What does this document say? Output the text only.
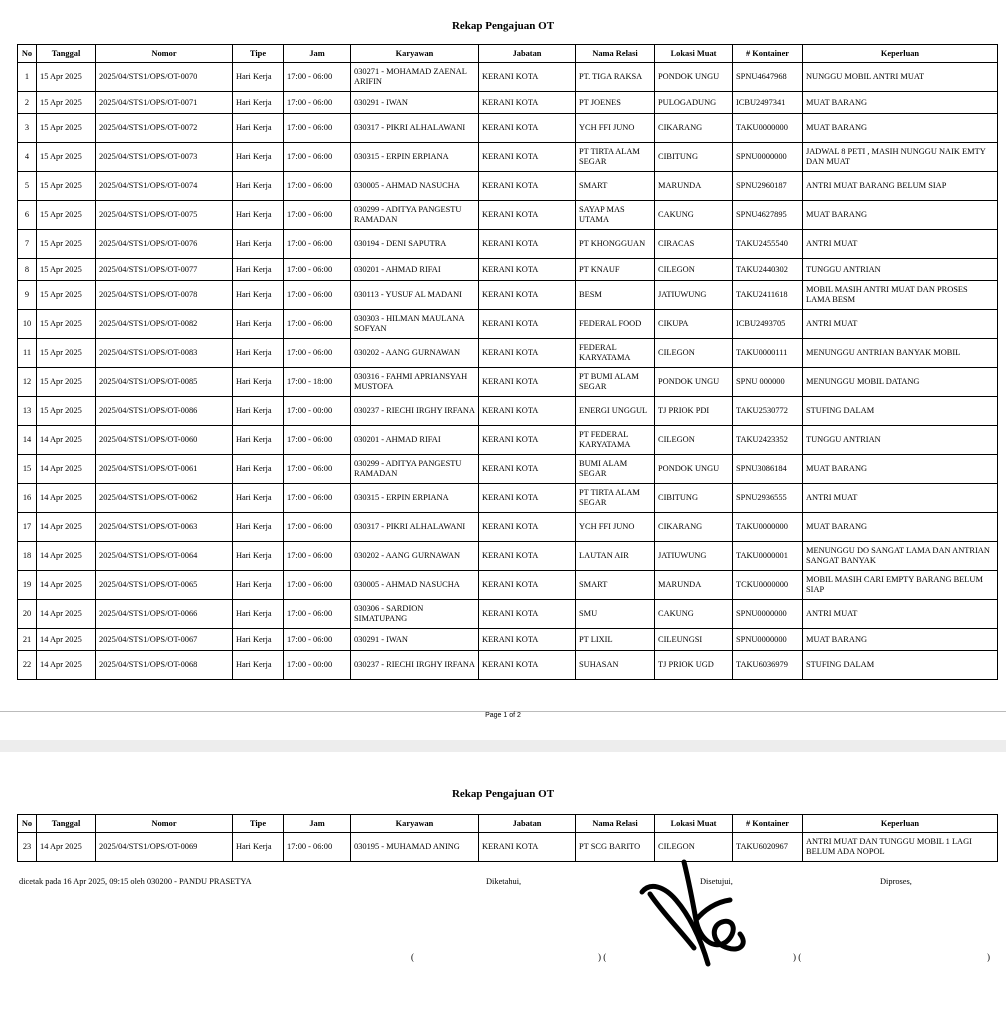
Rekap Pengajuan OT
No	Tanggal	Nomor	Tipe	Jam	Karyawan	Jabatan	Nama Relasi	Lokasi Muat	# Kontainer	Keperluan
1	15 Apr 2025	2025/04/STS1/OPS/OT-0070	Hari Kerja	17:00 - 06:00	030271 - MOHAMAD ZAENAL ARIFIN	KERANI KOTA	PT. TIGA RAKSA	PONDOK UNGU	SPNU4647968	NUNGGU MOBIL ANTRI MUAT
2	15 Apr 2025	2025/04/STS1/OPS/OT-0071	Hari Kerja	17:00 - 06:00	030291 - IWAN	KERANI KOTA	PT JOENES	PULOGADUNG	ICBU2497341	MUAT BARANG
3	15 Apr 2025	2025/04/STS1/OPS/OT-0072	Hari Kerja	17:00 - 06:00	030317 - PIKRI ALHALAWANI	KERANI KOTA	YCH FFI JUNO	CIKARANG	TAKU0000000	MUAT BARANG
4	15 Apr 2025	2025/04/STS1/OPS/OT-0073	Hari Kerja	17:00 - 06:00	030315 - ERPIN ERPIANA	KERANI KOTA	PT TIRTA ALAM SEGAR	CIBITUNG	SPNU0000000	JADWAL 8 PETI , MASIH NUNGGU NAIK EMTY DAN MUAT
5	15 Apr 2025	2025/04/STS1/OPS/OT-0074	Hari Kerja	17:00 - 06:00	030005 - AHMAD NASUCHA	KERANI KOTA	SMART	MARUNDA	SPNU2960187	ANTRI MUAT BARANG BELUM SIAP
6	15 Apr 2025	2025/04/STS1/OPS/OT-0075	Hari Kerja	17:00 - 06:00	030299 - ADITYA PANGESTU RAMADAN	KERANI KOTA	SAYAP MAS UTAMA	CAKUNG	SPNU4627895	MUAT BARANG
7	15 Apr 2025	2025/04/STS1/OPS/OT-0076	Hari Kerja	17:00 - 06:00	030194 - DENI SAPUTRA	KERANI KOTA	PT KHONGGUAN	CIRACAS	TAKU2455540	ANTRI MUAT
8	15 Apr 2025	2025/04/STS1/OPS/OT-0077	Hari Kerja	17:00 - 06:00	030201 - AHMAD RIFAI	KERANI KOTA	PT KNAUF	CILEGON	TAKU2440302	TUNGGU ANTRIAN
9	15 Apr 2025	2025/04/STS1/OPS/OT-0078	Hari Kerja	17:00 - 06:00	030113 - YUSUF AL MADANI	KERANI KOTA	BESM	JATIUWUNG	TAKU2411618	MOBIL MASIH ANTRI MUAT DAN PROSES LAMA BESM
10	15 Apr 2025	2025/04/STS1/OPS/OT-0082	Hari Kerja	17:00 - 06:00	030303 - HILMAN MAULANA SOFYAN	KERANI KOTA	FEDERAL FOOD	CIKUPA	ICBU2493705	ANTRI MUAT
11	15 Apr 2025	2025/04/STS1/OPS/OT-0083	Hari Kerja	17:00 - 06:00	030202 - AANG GURNAWAN	KERANI KOTA	FEDERAL KARYATAMA	CILEGON	TAKU0000111	MENUNGGU ANTRIAN BANYAK MOBIL
12	15 Apr 2025	2025/04/STS1/OPS/OT-0085	Hari Kerja	17:00 - 18:00	030316 - FAHMI APRIANSYAH MUSTOFA	KERANI KOTA	PT BUMI ALAM SEGAR	PONDOK UNGU	SPNU 000000	MENUNGGU MOBIL DATANG
13	15 Apr 2025	2025/04/STS1/OPS/OT-0086	Hari Kerja	17:00 - 00:00	030237 - RIECHI IRGHY IRFANA	KERANI KOTA	ENERGI UNGGUL	TJ PRIOK PDI	TAKU2530772	STUFING DALAM
14	14 Apr 2025	2025/04/STS1/OPS/OT-0060	Hari Kerja	17:00 - 06:00	030201 - AHMAD RIFAI	KERANI KOTA	PT FEDERAL KARYATAMA	CILEGON	TAKU2423352	TUNGGU ANTRIAN
15	14 Apr 2025	2025/04/STS1/OPS/OT-0061	Hari Kerja	17:00 - 06:00	030299 - ADITYA PANGESTU RAMADAN	KERANI KOTA	BUMI ALAM SEGAR	PONDOK UNGU	SPNU3086184	MUAT BARANG
16	14 Apr 2025	2025/04/STS1/OPS/OT-0062	Hari Kerja	17:00 - 06:00	030315 - ERPIN ERPIANA	KERANI KOTA	PT TIRTA ALAM SEGAR	CIBITUNG	SPNU2936555	ANTRI MUAT
17	14 Apr 2025	2025/04/STS1/OPS/OT-0063	Hari Kerja	17:00 - 06:00	030317 - PIKRI ALHALAWANI	KERANI KOTA	YCH FFI JUNO	CIKARANG	TAKU0000000	MUAT BARANG
18	14 Apr 2025	2025/04/STS1/OPS/OT-0064	Hari Kerja	17:00 - 06:00	030202 - AANG GURNAWAN	KERANI KOTA	LAUTAN AIR	JATIUWUNG	TAKU0000001	MENUNGGU DO SANGAT LAMA DAN ANTRIAN SANGAT BANYAK
19	14 Apr 2025	2025/04/STS1/OPS/OT-0065	Hari Kerja	17:00 - 06:00	030005 - AHMAD NASUCHA	KERANI KOTA	SMART	MARUNDA	TCKU0000000	MOBIL MASIH CARI EMPTY BARANG BELUM SIAP
20	14 Apr 2025	2025/04/STS1/OPS/OT-0066	Hari Kerja	17:00 - 06:00	030306 - SARDION SIMATUPANG	KERANI KOTA	SMU	CAKUNG	SPNU0000000	ANTRI MUAT
21	14 Apr 2025	2025/04/STS1/OPS/OT-0067	Hari Kerja	17:00 - 06:00	030291 - IWAN	KERANI KOTA	PT LIXIL	CILEUNGSI	SPNU0000000	MUAT BARANG
22	14 Apr 2025	2025/04/STS1/OPS/OT-0068	Hari Kerja	17:00 - 00:00	030237 - RIECHI IRGHY IRFANA	KERANI KOTA	SUHASAN	TJ PRIOK UGD	TAKU6036979	STUFING DALAM
Page 1 of 2
Rekap Pengajuan OT
No	Tanggal	Nomor	Tipe	Jam	Karyawan	Jabatan	Nama Relasi	Lokasi Muat	# Kontainer	Keperluan
23	14 Apr 2025	2025/04/STS1/OPS/OT-0069	Hari Kerja	17:00 - 06:00	030195 - MUHAMAD ANING	KERANI KOTA	PT SCG BARITO	CILEGON	TAKU6020967	ANTRI MUAT DAN TUNGGU MOBIL 1 LAGI BELUM ADA NOPOL
dicetak pada 16 Apr 2025, 09:15 oleh 030200 - PANDU PRASETYA	Diketahui,	Disetujui,	Diproses,
(	) (	) (	)
